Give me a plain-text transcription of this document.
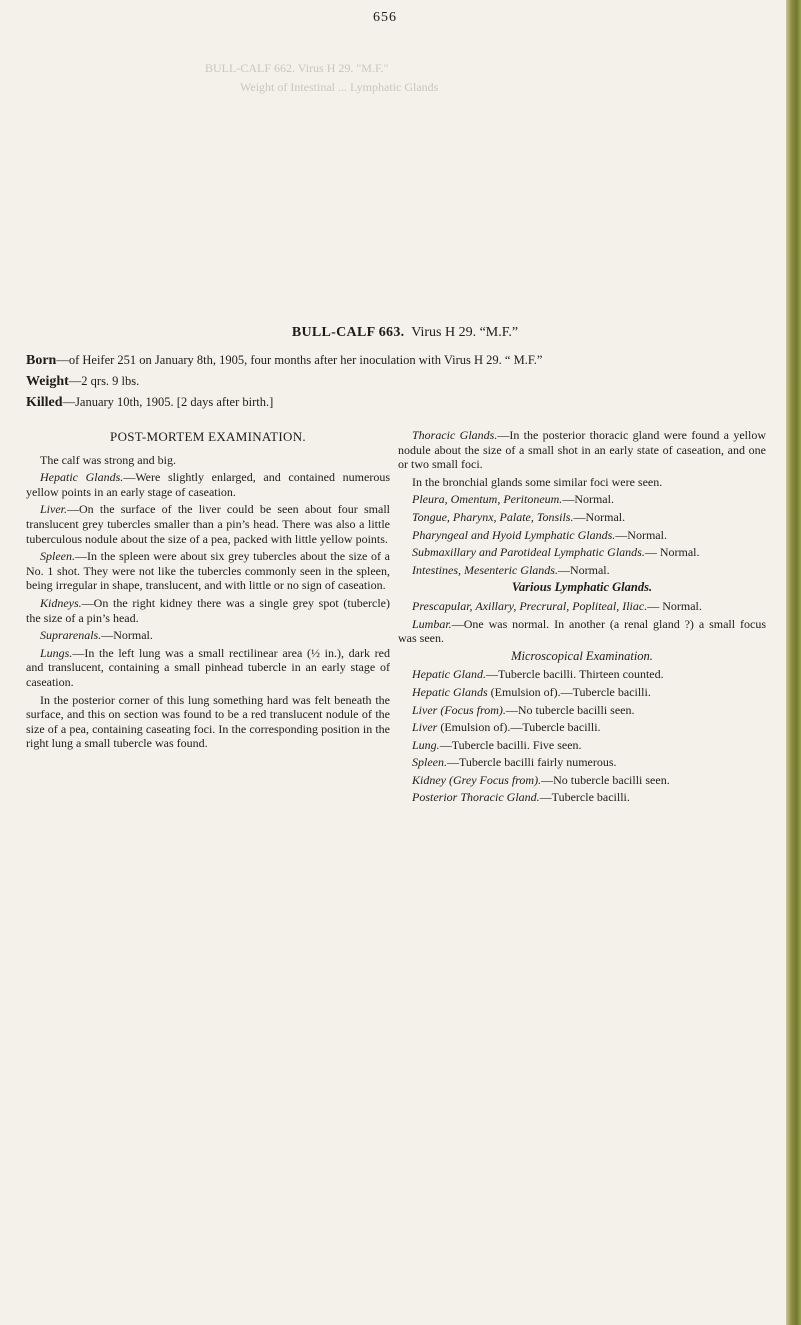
BULL-CALF 662. Virus H 29. "M.F."
Weight of Intestinal ... Lymphatic Glands
656
BULL-CALF 663. Virus H 29. “M.F.”
Born—of Heifer 251 on January 8th, 1905, four months after her inoculation with Virus H 29. “ M.F.”
Weight—2 qrs. 9 lbs.
Killed—January 10th, 1905. [2 days after birth.]
POST-MORTEM EXAMINATION.

The calf was strong and big.

Hepatic Glands.—Were slightly enlarged, and contained numerous yellow points in an early stage of caseation.

Liver.—On the surface of the liver could be seen about four small translucent grey tubercles smaller than a pin’s head. There was also a little tuberculous nodule about the size of a pea, packed with little yellow points.

Spleen.—In the spleen were about six grey tubercles about the size of a No. 1 shot. They were not like the tubercles commonly seen in the spleen, being irregular in shape, translucent, and with little or no sign of caseation.

Kidneys.—On the right kidney there was a single grey spot (tubercle) the size of a pin’s head.

Suprarenals.—Normal.

Lungs.—In the left lung was a small rectilinear area (½ in.), dark red and translucent, containing a small pinhead tubercle in an early stage of caseation.

In the posterior corner of this lung something hard was felt beneath the surface, and this on section was found to be a red translucent nodule of the size of a pea, containing caseating foci. In the corresponding position in the right lung a small tubercle was found.

Thoracic Glands.—In the posterior thoracic gland were found a yellow nodule about the size of a small shot in an early state of caseation, and one or two small foci.

In the bronchial glands some similar foci were seen.

Pleura, Omentum, Peritoneum.—Normal.

Tongue, Pharynx, Palate, Tonsils.—Normal.

Pharyngeal and Hyoid Lymphatic Glands.—Normal.

Submaxillary and Parotideal Lymphatic Glands.— Normal.

Intestines, Mesenteric Glands.—Normal.

Various Lymphatic Glands.

Prescapular, Axillary, Precrural, Popliteal, Iliac.— Normal.

Lumbar.—One was normal. In another (a renal gland ?) a small focus was seen.

Microscopical Examination.

Hepatic Gland.—Tubercle bacilli. Thirteen counted.

Hepatic Glands (Emulsion of).—Tubercle bacilli.

Liver (Focus from).—No tubercle bacilli seen.

Liver (Emulsion of).—Tubercle bacilli.

Lung.—Tubercle bacilli. Five seen.

Spleen.—Tubercle bacilli fairly numerous.

Kidney (Grey Focus from).—No tubercle bacilli seen.

Posterior Thoracic Gland.—Tubercle bacilli.
